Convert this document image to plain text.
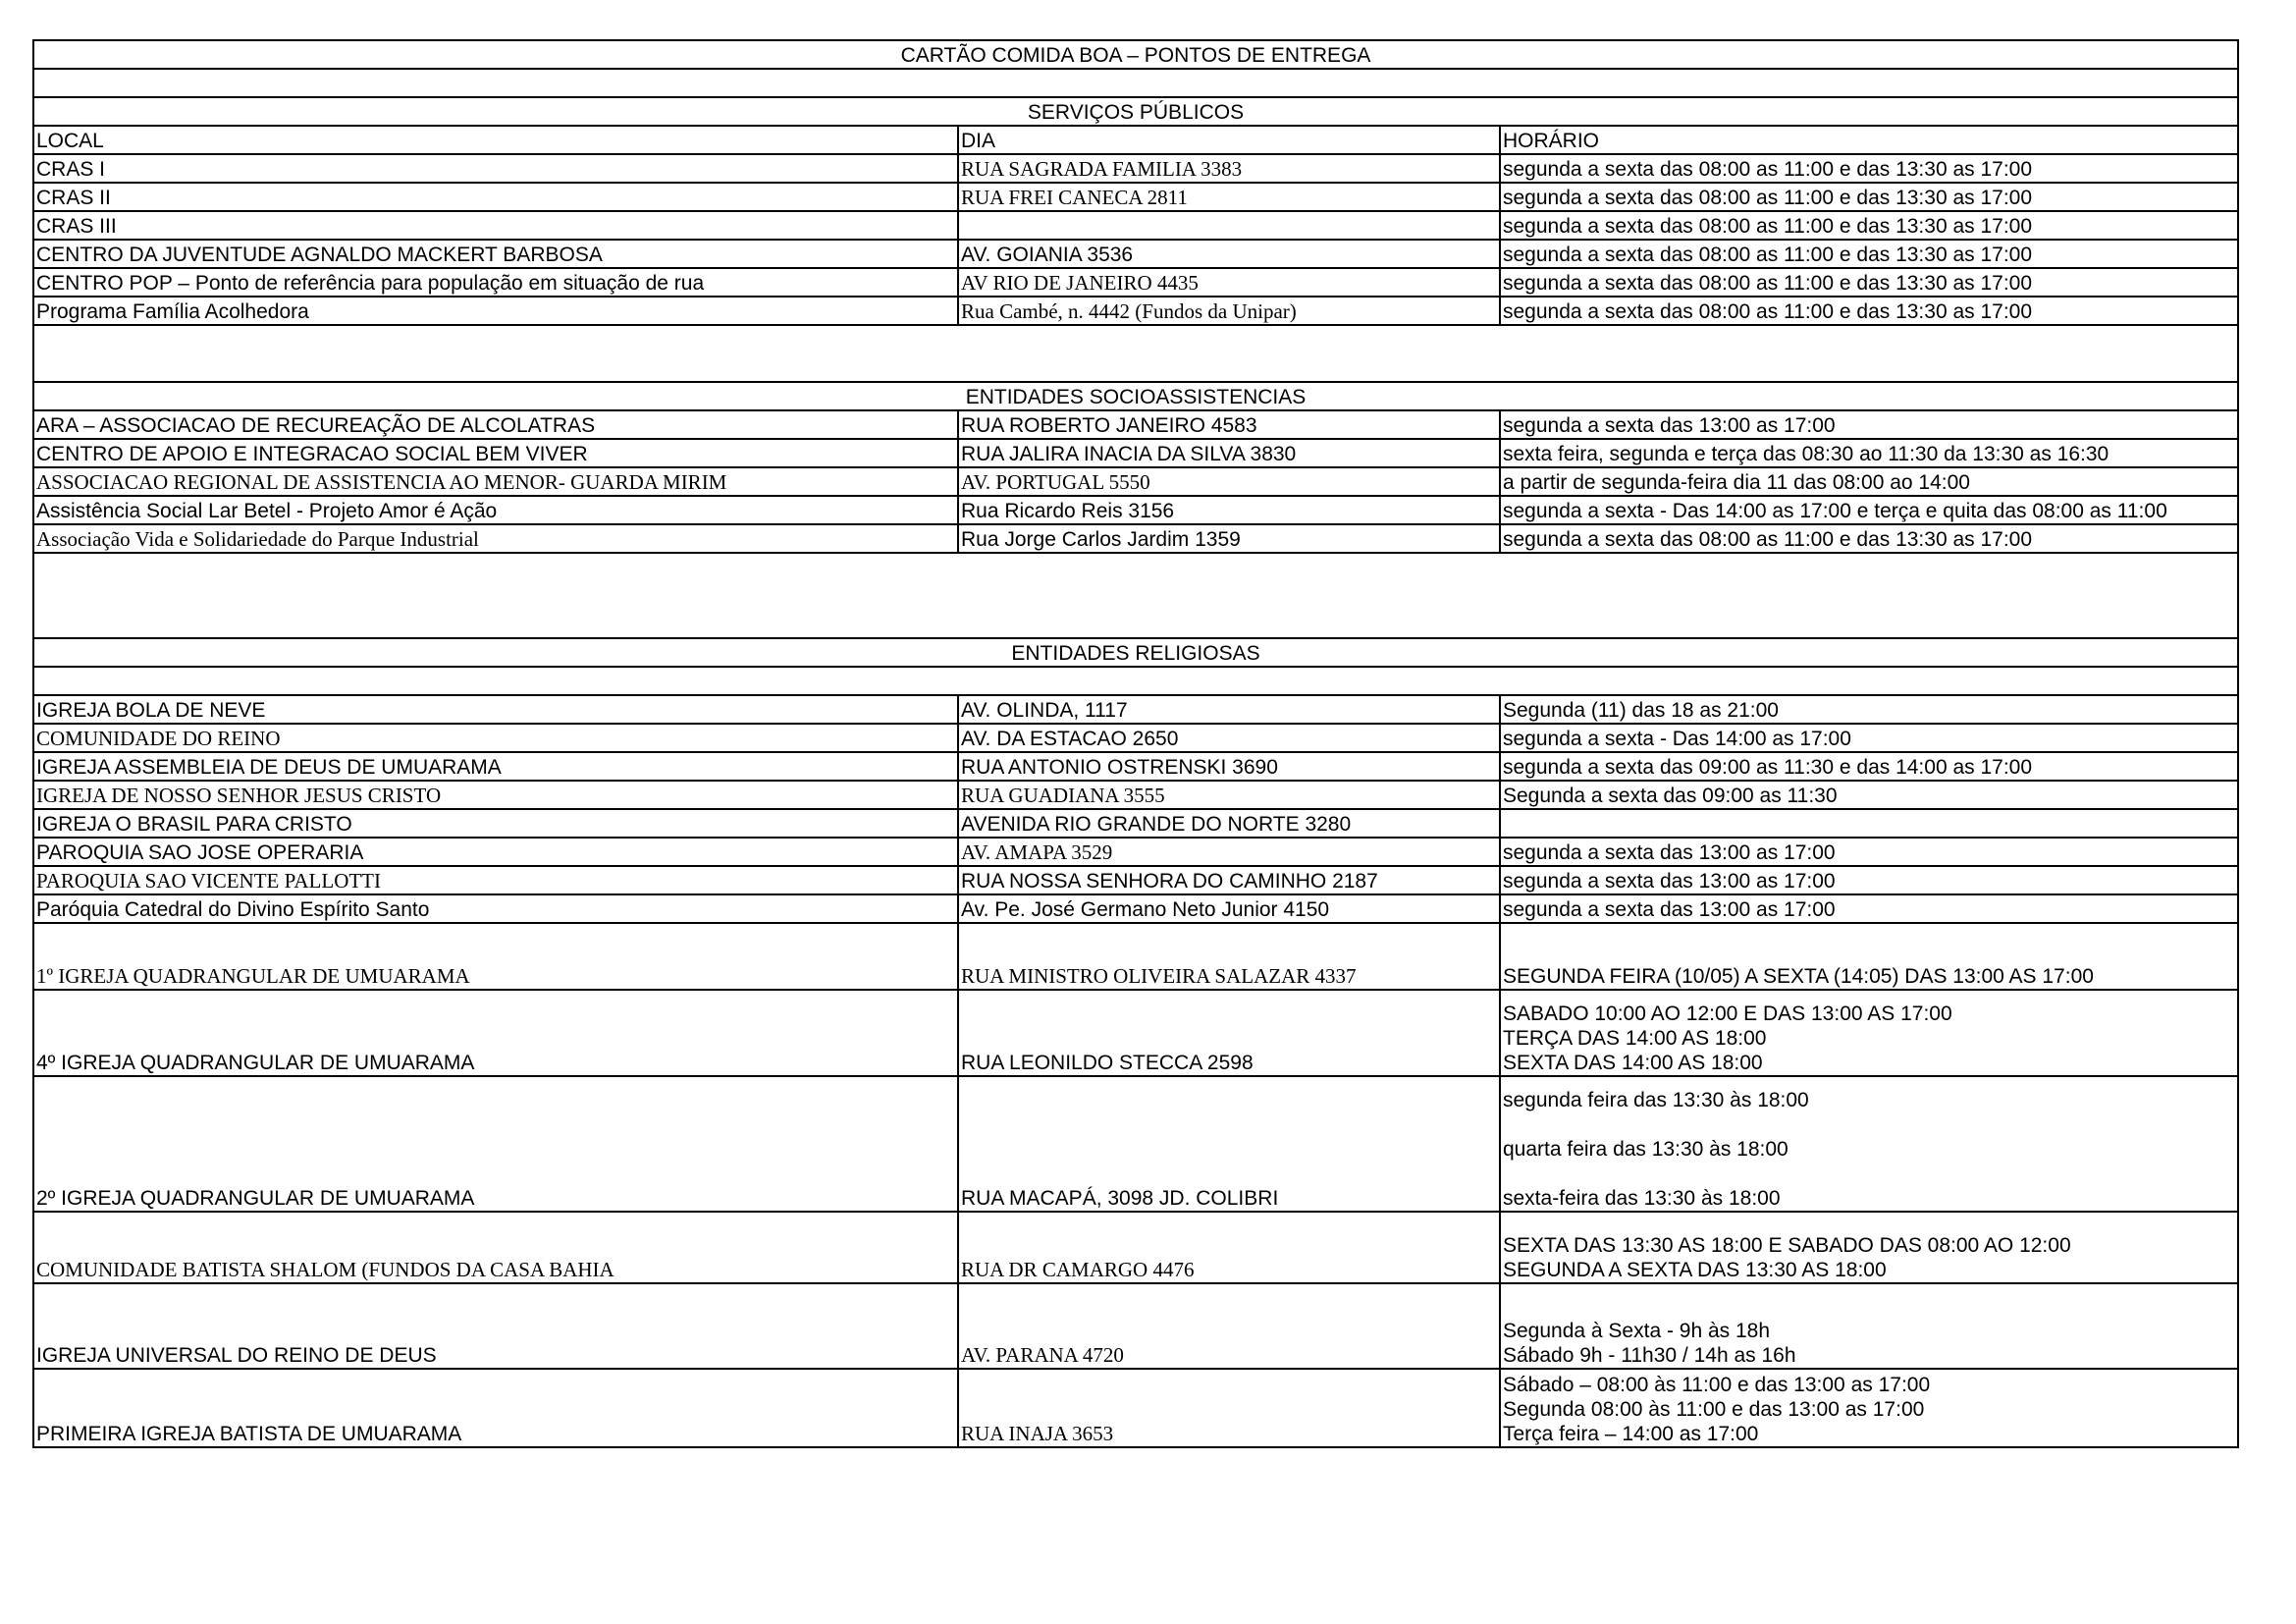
CARTÃO COMIDA BOA – PONTOS DE ENTREGA		

SERVIÇOS PÚBLICOS		
LOCAL	DIA	HORÁRIO
CRAS I	RUA SAGRADA FAMILIA 3383	segunda a sexta das 08:00 as 11:00 e das 13:30 as 17:00
CRAS II	RUA FREI CANECA 2811	segunda a sexta das 08:00 as 11:00 e das 13:30 as 17:00
CRAS III		segunda a sexta das 08:00 as 11:00 e das 13:30 as 17:00
CENTRO DA JUVENTUDE AGNALDO MACKERT BARBOSA	AV. GOIANIA 3536	segunda a sexta das 08:00 as 11:00 e das 13:30 as 17:00
CENTRO POP – Ponto de referência para população em situação de rua	AV RIO DE JANEIRO 4435	segunda a sexta das 08:00 as 11:00 e das 13:30 as 17:00
Programa Família Acolhedora	Rua Cambé, n. 4442 (Fundos da Unipar)	segunda a sexta das 08:00 as 11:00 e das 13:30 as 17:00

ENTIDADES SOCIOASSISTENCIAS		
ARA – ASSOCIACAO DE RECUREAÇÃO DE ALCOLATRAS	RUA ROBERTO JANEIRO 4583	segunda a sexta das 13:00 as 17:00
CENTRO DE APOIO E INTEGRACAO SOCIAL BEM VIVER	RUA JALIRA INACIA DA SILVA 3830	sexta feira, segunda e terça das 08:30 ao 11:30 da 13:30 as 16:30
ASSOCIACAO REGIONAL DE ASSISTENCIA AO MENOR- GUARDA MIRIM	AV. PORTUGAL 5550	a partir de segunda-feira dia 11 das 08:00 ao 14:00
Assistência Social Lar Betel - Projeto Amor é Ação	Rua Ricardo Reis 3156	segunda a sexta - Das 14:00 as 17:00 e terça e quita das 08:00 as 11:00
Associação Vida e Solidariedade do Parque Industrial	Rua Jorge Carlos Jardim 1359	segunda a sexta das 08:00 as 11:00 e das 13:30 as 17:00

ENTIDADES RELIGIOSAS		

IGREJA BOLA DE NEVE	AV. OLINDA, 1117	Segunda (11) das 18 as 21:00
COMUNIDADE DO REINO	AV. DA ESTACAO 2650	segunda a sexta - Das 14:00 as 17:00
IGREJA ASSEMBLEIA DE DEUS DE UMUARAMA	RUA ANTONIO OSTRENSKI 3690	segunda a sexta das 09:00 as 11:30 e das 14:00 as 17:00
IGREJA DE NOSSO SENHOR JESUS CRISTO	RUA GUADIANA 3555	Segunda a sexta das 09:00 as 11:30
IGREJA O BRASIL PARA CRISTO	AVENIDA RIO GRANDE DO NORTE 3280	
PAROQUIA SAO JOSE OPERARIA	AV. AMAPA 3529	segunda a sexta das 13:00 as 17:00
PAROQUIA SAO VICENTE PALLOTTI	RUA NOSSA SENHORA DO CAMINHO 2187	segunda a sexta das 13:00 as 17:00
Paróquia Catedral do Divino Espírito Santo	Av. Pe. José Germano Neto Junior 4150	segunda a sexta das 13:00 as 17:00
1º IGREJA QUADRANGULAR DE UMUARAMA	RUA MINISTRO OLIVEIRA SALAZAR 4337	SEGUNDA FEIRA (10/05) A SEXTA (14:05) DAS 13:00 AS 17:00
4º IGREJA QUADRANGULAR DE UMUARAMA	RUA LEONILDO STECCA 2598	SABADO 10:00 AO 12:00 E DAS 13:00 AS 17:00
TERÇA DAS 14:00 AS 18:00
SEXTA DAS 14:00 AS 18:00
2º IGREJA QUADRANGULAR DE UMUARAMA	RUA MACAPÁ, 3098 JD. COLIBRI	segunda feira das 13:30 às 18:00

quarta feira das 13:30 às 18:00

sexta-feira das 13:30 às 18:00
COMUNIDADE BATISTA SHALOM (FUNDOS DA CASA BAHIA	RUA DR CAMARGO 4476	SEXTA DAS 13:30 AS 18:00 E SABADO DAS 08:00 AO 12:00
SEGUNDA A SEXTA DAS 13:30 AS 18:00
IGREJA UNIVERSAL DO REINO DE DEUS	AV. PARANA 4720	Segunda à Sexta - 9h às 18h
Sábado 9h - 11h30 / 14h as 16h
PRIMEIRA IGREJA BATISTA DE UMUARAMA	RUA INAJA 3653	Sábado – 08:00 às 11:00 e das 13:00 as 17:00
Segunda 08:00 às 11:00 e das 13:00 as 17:00
Terça feira – 14:00 as 17:00
